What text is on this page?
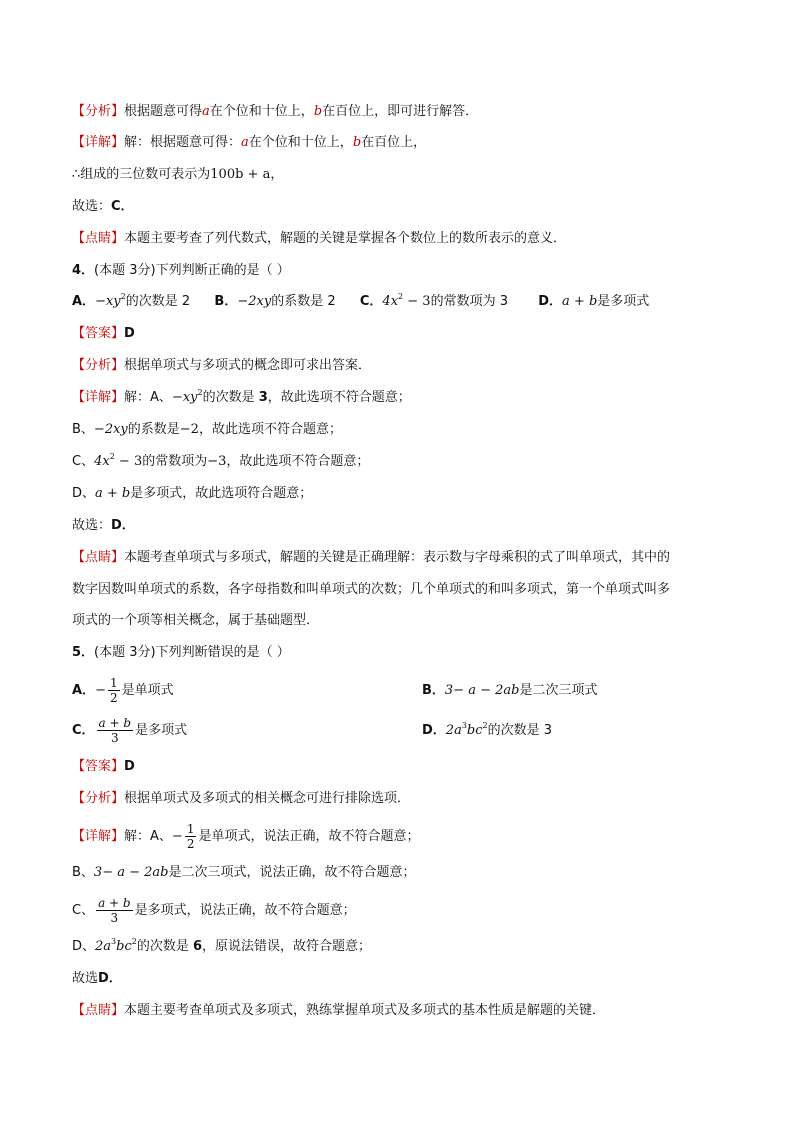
【分析】根据题意可得a在个位和十位上，b在百位上，即可进行解答．
【详解】解：根据题意可得：a在个位和十位上，b在百位上，
∴组成的三位数可表示为100b + a，
故选：C．
【点睛】本题主要考查了列代数式，解题的关键是掌握各个数位上的数所表示的意义．
4．(本题 3分)下列判断正确的是（ ）
A．$-xy^2$的次数是 2 B．−2xy的系数是 2 C．$4x^2 - 3$的常数项为 3 D．a + b是多项式
【答案】D
【分析】根据单项式与多项式的概念即可求出答案．
【详解】解：A、$-xy^2$的次数是 3，故此选项不符合题意；
B、−2xy的系数是−2，故此选项不符合题意；
C、$4x^2 - 3$的常数项为−3，故此选项不符合题意；
D、a + b是多项式，故此选项符合题意；
故选：D．
【点睛】本题考查单项式与多项式，解题的关键是正确理解：表示数与字母乘积的式了叫单项式，其中的
数字因数叫单项式的系数，各字母指数和叫单项式的次数；几个单项式的和叫多项式，第一个单项式叫多
项式的一个项等相关概念，属于基础题型．
5．(本题 3分)下列判断错误的是（ ）
A．− $\frac{1}{2}$ 是单项式	B．3− a − 2ab是二次三项式
C． $\frac{a + b}{3}$ 是多项式	D．$2a^3bc^2$的次数是 3
【答案】D
【分析】根据单项式及多项式的相关概念可进行排除选项．
【详解】解：A、− $\frac{1}{2}$ 是单项式，说法正确，故不符合题意；
B、3− a − 2ab是二次三项式，说法正确，故不符合题意；
C、 $\frac{a + b}{3}$ 是多项式，说法正确，故不符合题意；
D、$2a^3bc^2$的次数是 6，原说法错误，故符合题意；
故选D．
【点睛】本题主要考查单项式及多项式，熟练掌握单项式及多项式的基本性质是解题的关键．
